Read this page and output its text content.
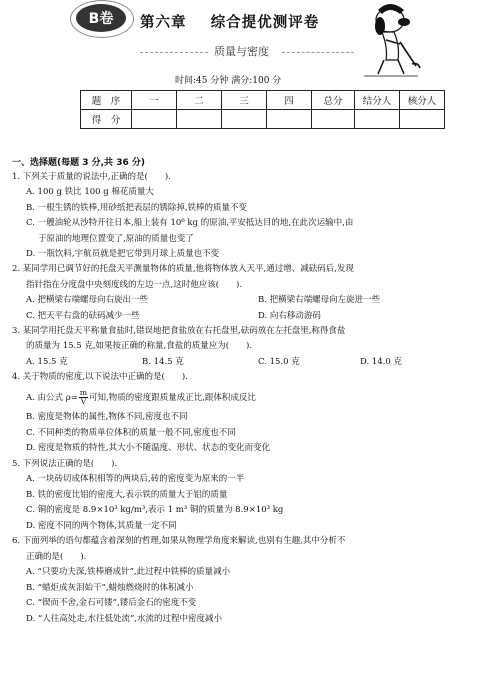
B卷	第六章    综合提优测评卷
质量与密度
时间:45 分钟 满分:100 分
题　序	一	二	三	四	总分	结分人	核分人
得　分							
一、选择题(每题 3 分,共 36 分)
1. 下列关于质量的说法中,正确的是(　　).
A. 100 g 铁比 100 g 棉花质量大
B. 一根生锈的铁棒,用砂纸把表层的锈除掉,铁棒的质量不变
C. 一艘油轮从沙特开往日本,船上装有 10⁶ kg 的原油,平安抵达目的地,在此次运输中,由
于原油的地理位置变了,原油的质量也变了
D. 一瓶饮料,宇航员就是把它带到月球上质量也不变
2. 某同学用已调节好的托盘天平测量物体的质量,他将物体放入天平,通过增、减砝码后,发现
指针指在分度盘中央刻度线的左边一点,这时他应该(　　).
A. 把横梁右端螺母向右旋出一些	B. 把横梁右端螺母向左旋进一些
C. 把天平右盘的砝码减少一些	D. 向右移动游码
3. 某同学用托盘天平称量食盐时,错误地把食盐放在右托盘里,砝码放在左托盘里,称得食盐
的质量为 15.5 克,如果按正确的称量,食盐的质量应为(　　).
A. 15.5 克	B. 14.5 克	C. 15.0 克	D. 14.0 克
4. 关于物质的密度,以下说法中正确的是(　　).
A. 由公式 $\rho= \frac{m}{V}$ 可知,物质的密度跟质量成正比,跟体积成反比
B. 密度是物体的属性,物体不同,密度也不同
C. 不同种类的物质单位体积的质量一般不同,密度也不同
D. 密度是物质的特性,其大小不随温度、形状、状态的变化而变化
5. 下列说法正确的是(　　).
A. 一块砖切成体积相等的两块后,砖的密度变为原来的一半
B. 铁的密度比铝的密度大,表示铁的质量大于铝的质量
C. 铜的密度是 8.9×10³ kg/m³,表示 1 m³ 铜的质量为 8.9×10³ kg
D. 密度不同的两个物体,其质量一定不同
6. 下面列举的语句都蕴含着深刻的哲理,如果从物理学角度来解读,也别有生趣,其中分析不
正确的是(　　).
A. “只要功夫深,铁棒磨成针”,此过程中铁棒的质量减小
B. “蜡炬成灰泪始干”,蜡烛燃烧时的体积减小
C. “锲而不舍,金石可镂”,镂后金石的密度不变
D. “人往高处走,水往低处流”,水流的过程中密度减小
